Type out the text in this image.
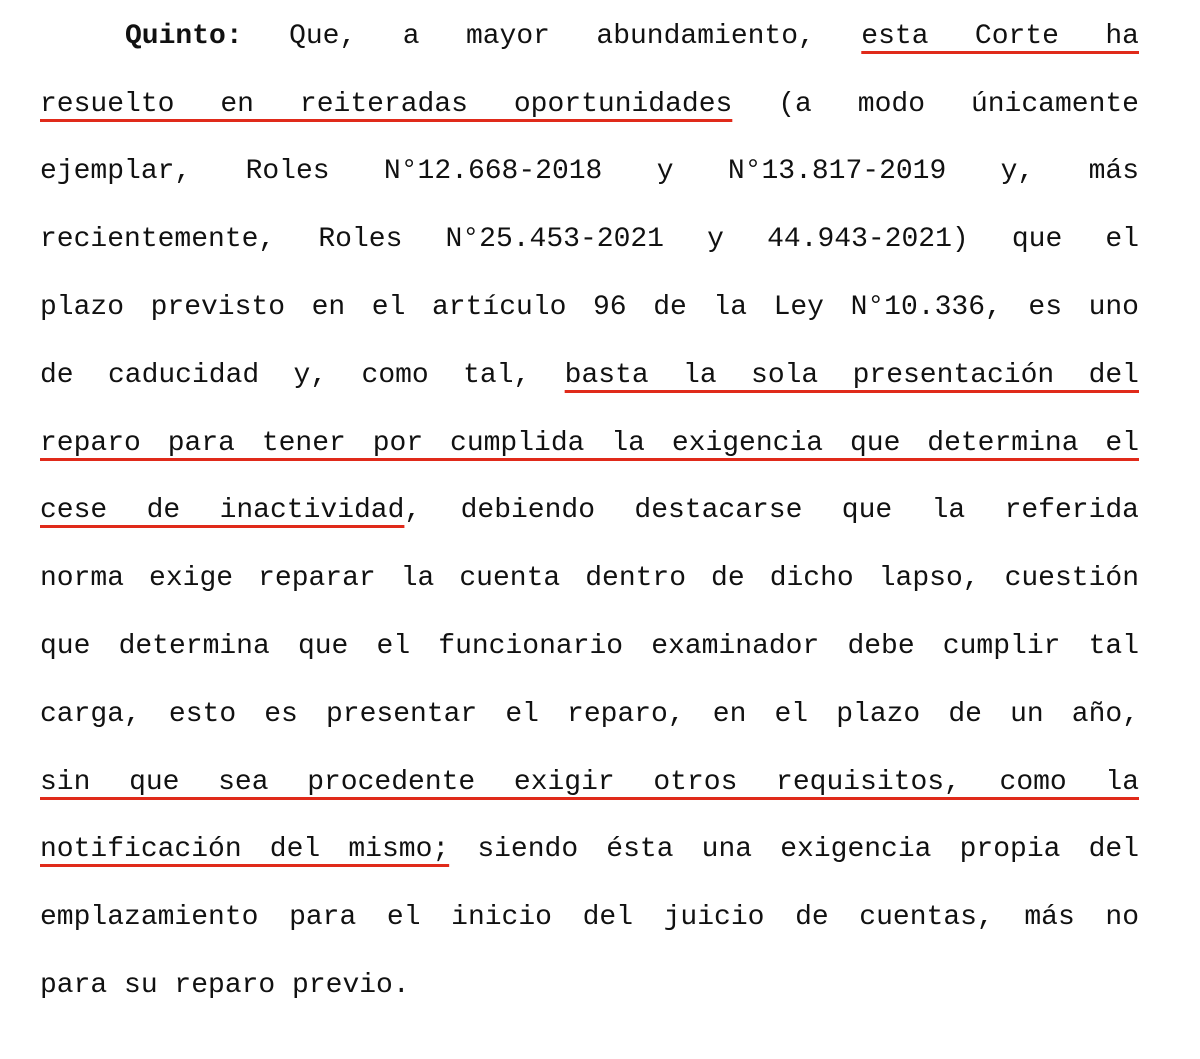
Quinto: Que, a mayor abundamiento, esta Corte ha
resuelto en reiteradas oportunidades (a modo únicamente
ejemplar, Roles N°12.668-2018 y N°13.817-2019 y, más
recientemente, Roles N°25.453-2021 y 44.943-2021) que el
plazo previsto en el artículo 96 de la Ley N°10.336, es uno
de caducidad y, como tal, basta la sola presentación del
reparo para tener por cumplida la exigencia que determina el
cese de inactividad, debiendo destacarse que la referida
norma exige reparar la cuenta dentro de dicho lapso, cuestión
que determina que el funcionario examinador debe cumplir tal
carga, esto es presentar el reparo, en el plazo de un año,
sin que sea procedente exigir otros requisitos, como la
notificación del mismo; siendo ésta una exigencia propia del
emplazamiento para el inicio del juicio de cuentas, más no
para su reparo previo.
